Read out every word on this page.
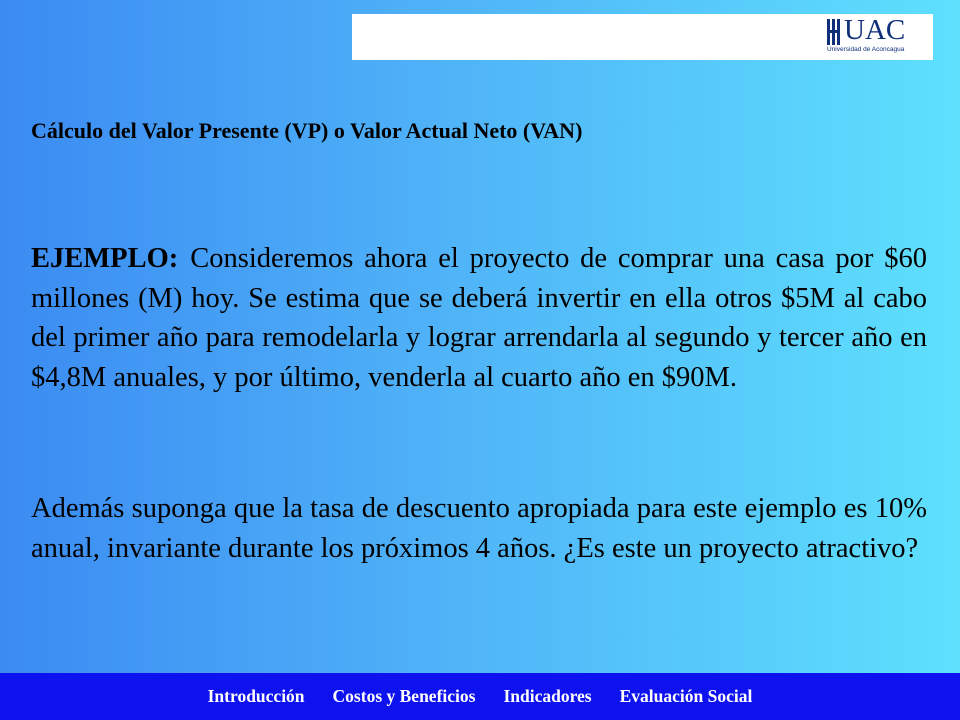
UAC
Universidad de Aconcagua
Cálculo del Valor Presente (VP) o Valor Actual Neto (VAN)

EJEMPLO: Consideremos ahora el proyecto de comprar una casa por $60 millones (M) hoy. Se estima que se deberá invertir en ella otros $5M al cabo del primer año para remodelarla y lograr arrendarla al segundo y tercer año en $4,8M anuales, y por último, venderla al cuarto año en $90M.

Además suponga que la tasa de descuento apropiada para este ejemplo es 10% anual, invariante durante los próximos 4 años. ¿Es este un proyecto atractivo?

Introducción Costos y Beneficios Indicadores Evaluación Social
